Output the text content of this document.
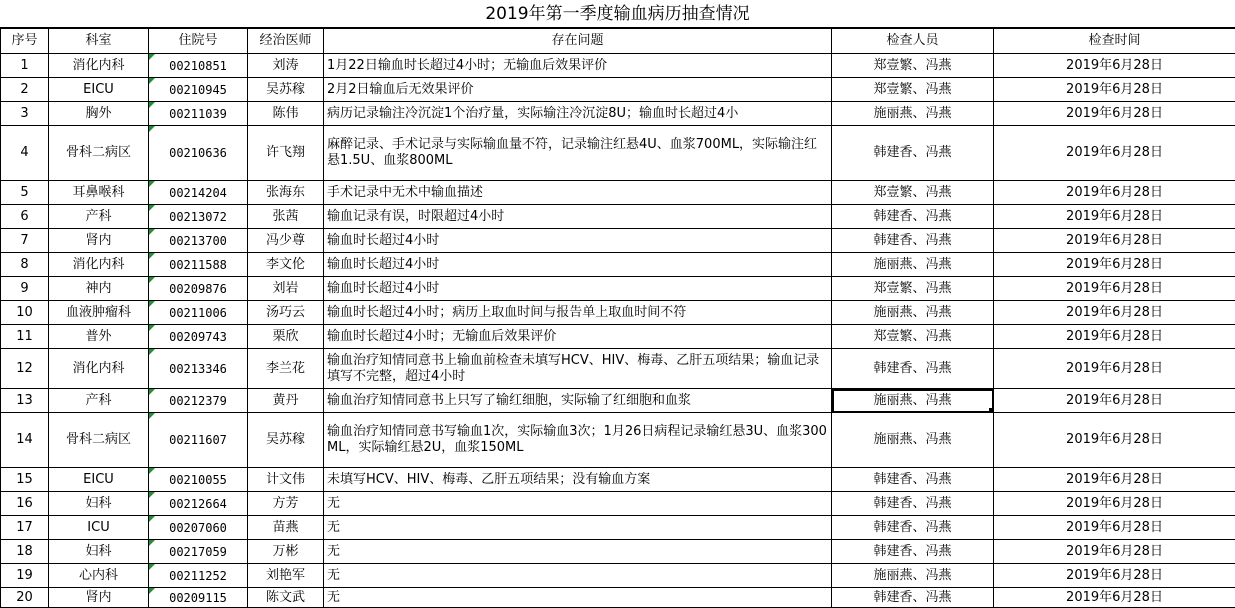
2019年第一季度输血病历抽查情况
序号	科室	住院号	经治医师	存在问题	检查人员	检查时间
1	消化内科	00210851	刘涛	1月22日输血时长超过4小时；无输血后效果评价	郑壹繁、冯燕	2019年6月28日
2	EICU	00210945	吴苏稼	2月2日输血后无效果评价	郑壹繁、冯燕	2019年6月28日
3	胸外	00211039	陈伟	病历记录输注冷沉淀1个治疗量，实际输注冷沉淀8U；输血时长超过4小	施丽燕、冯燕	2019年6月28日
4	骨科二病区	00210636	许飞翔	麻醉记录、手术记录与实际输血量不符，记录输注红悬4U、血浆700ML，实际输注红悬1.5U、血浆800ML	韩建香、冯燕	2019年6月28日
5	耳鼻喉科	00214204	张海东	手术记录中无术中输血描述	郑壹繁、冯燕	2019年6月28日
6	产科	00213072	张茜	输血记录有误，时限超过4小时	韩建香、冯燕	2019年6月28日
7	肾内	00213700	冯少尊	输血时长超过4小时	韩建香、冯燕	2019年6月28日
8	消化内科	00211588	李文伦	输血时长超过4小时	施丽燕、冯燕	2019年6月28日
9	神内	00209876	刘岩	输血时长超过4小时	郑壹繁、冯燕	2019年6月28日
10	血液肿瘤科	00211006	汤巧云	输血时长超过4小时；病历上取血时间与报告单上取血时间不符	施丽燕、冯燕	2019年6月28日
11	普外	00209743	栗欣	输血时长超过4小时；无输血后效果评价	郑壹繁、冯燕	2019年6月28日
12	消化内科	00213346	李兰花	输血治疗知情同意书上输血前检查未填写HCV、HIV、梅毒、乙肝五项结果；输血记录填写不完整，超过4小时	韩建香、冯燕	2019年6月28日
13	产科	00212379	黄丹	输血治疗知情同意书上只写了输红细胞，实际输了红细胞和血浆	施丽燕、冯燕	2019年6月28日
14	骨科二病区	00211607	吴苏稼	输血治疗知情同意书写输血1次，实际输血3次；1月26日病程记录输红悬3U、血浆300ML，实际输红悬2U，血浆150ML	施丽燕、冯燕	2019年6月28日
15	EICU	00210055	计文伟	未填写HCV、HIV、梅毒、乙肝五项结果；没有输血方案	韩建香、冯燕	2019年6月28日
16	妇科	00212664	方芳	无	韩建香、冯燕	2019年6月28日
17	ICU	00207060	苗燕	无	韩建香、冯燕	2019年6月28日
18	妇科	00217059	万彬	无	韩建香、冯燕	2019年6月28日
19	心内科	00211252	刘艳军	无	施丽燕、冯燕	2019年6月28日
20	肾内	00209115	陈文武	无	韩建香、冯燕	2019年6月28日
